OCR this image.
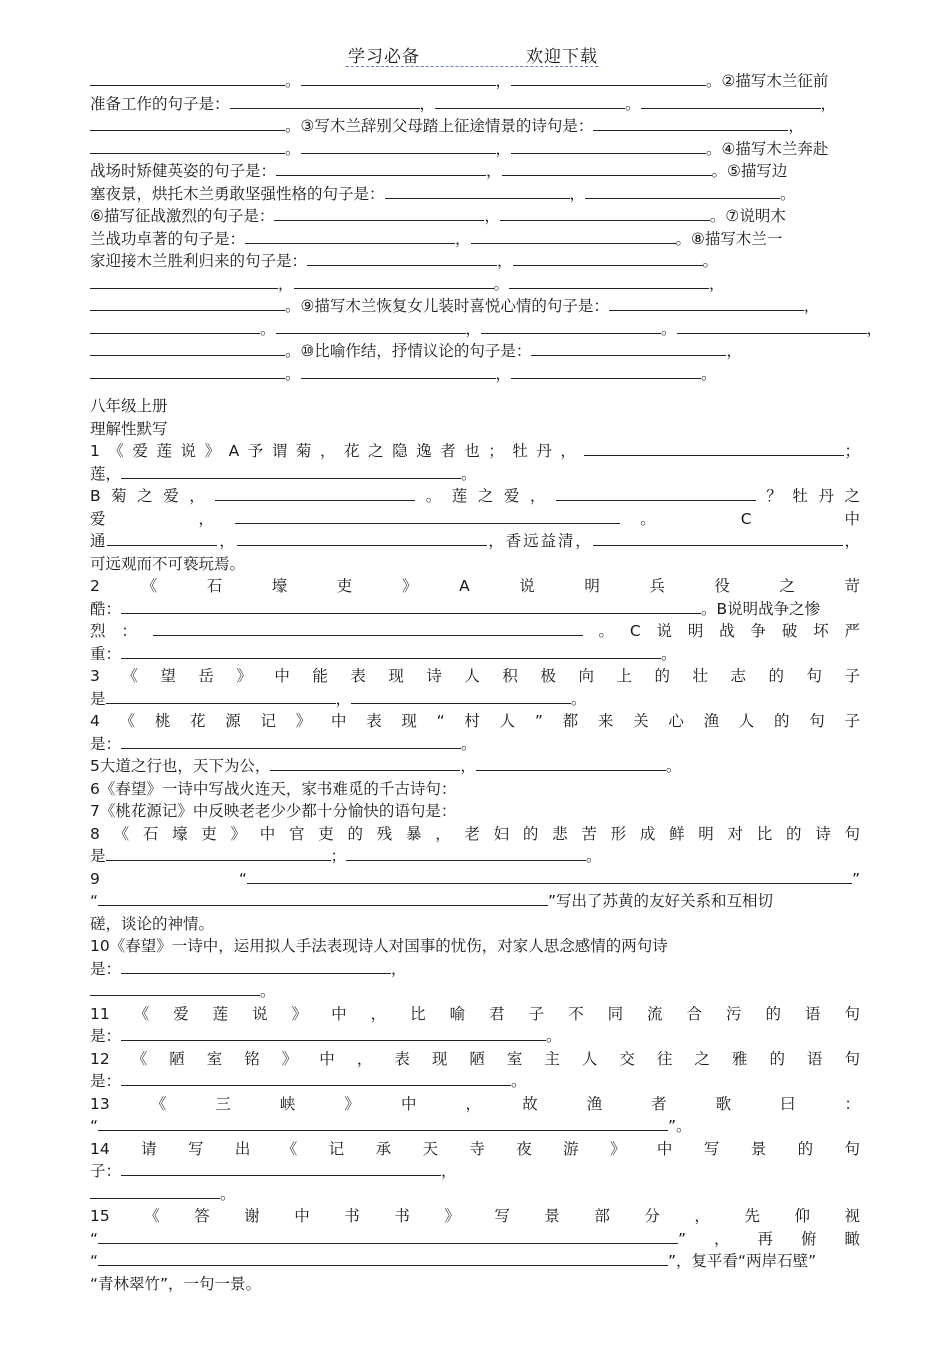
学习必备	欢迎下载
。	，	。②描写木兰征前
准备工作的句子是：	，	。	，
。③写木兰辞别父母踏上征途情景的诗句是：	，
。	，	。④描写木兰奔赴
战场时矫健英姿的句子是：	，	。⑤描写边
塞夜景，烘托木兰勇敢坚强性格的句子是：	，	。
⑥描写征战激烈的句子是：	，	。⑦说明木
兰战功卓著的句子是：	，	。⑧描写木兰一
家迎接木兰胜利归来的句子是：	，	。
，	。	，
。⑨描写木兰恢复女儿装时喜悦心情的句子是：	，
。	，	。	，
。⑩比喻作结，抒情议论的句子是：	，
。	，	。
八年级上册
理解性默写
1《爱莲说》A予谓菊，花之隐逸者也；牡丹，	；
莲，	。
B菊之爱，	。莲之爱，	？牡丹之
爱　　，	。　　C　　中
通	，	，香远益清，	，
可远观而不可亵玩焉。
2　《　石　壕　吏　》　A　说　明　兵　役　之　苛
酷：	。B说明战争之惨
烈：	。C说明战争破坏严
重：	。
3《望岳》中能表现诗人积极向上的壮志的句子
是	，	。
4《桃花源记》中表现“村人”都来关心渔人的句子
是：	。
5大道之行也，天下为公，	，	。
6《春望》一诗中写战火连天，家书难觅的千古诗句：
7《桃花源记》中反映老老少少都十分愉快的语句是：
8《石壕吏》中官吏的残暴，老妇的悲苦形成鲜明对比的诗句
是	；	。
9　　“	”
“	”写出了苏黄的友好关系和互相切
磋，谈论的神情。
10《春望》一诗中，运用拟人手法表现诗人对国事的忧伤，对家人思念感情的两句诗
是：	，
。
11《爱莲说》中，比喻君子不同流合污的语句
是：	。
12《陋室铭》中，表现陋室主人交往之雅的语句
是：	。
13　《　三　峡　》　中　，　故　渔　者　歌　曰　：
“	”。
14请写出《记承天寺夜游》中写景的句
子：	，
。
15《答谢中书书》写景部分，先仰视
“	”，再俯瞰
“	”，复平看“两岸石壁”
“青林翠竹”，一句一景。
